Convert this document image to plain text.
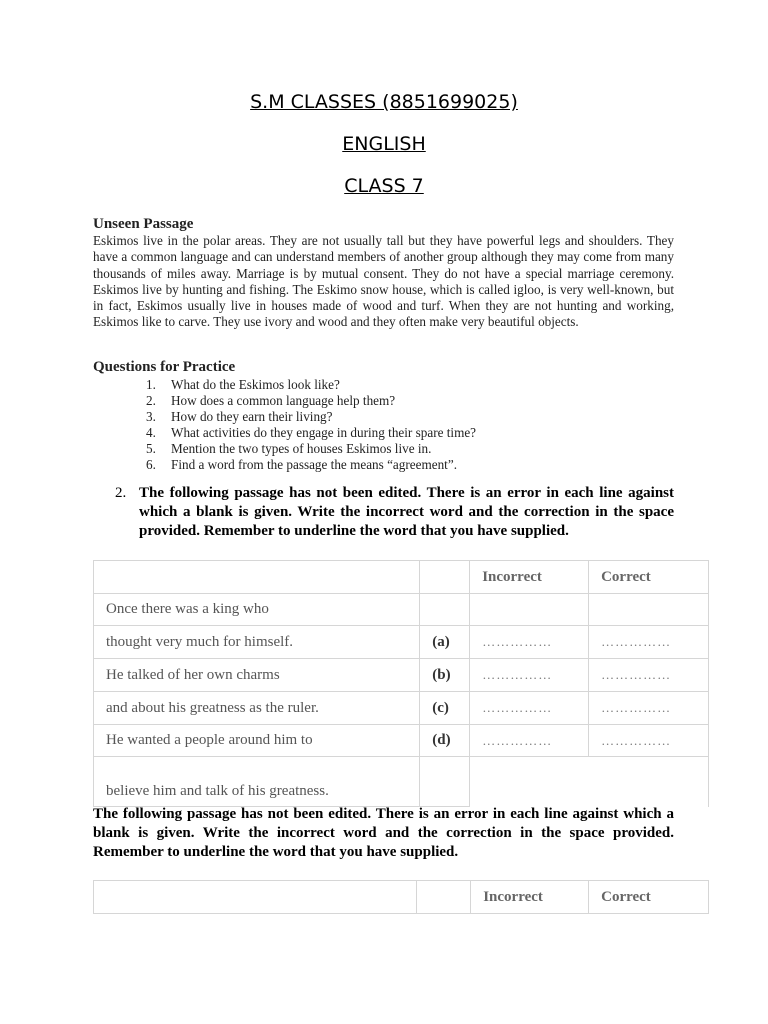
S.M CLASSES (8851699025)
ENGLISH
CLASS 7
Unseen Passage

Eskimos live in the polar areas. They are not usually tall but they have powerful legs and shoulders. They have a common language and can understand members of another group although they may come from many thousands of miles away. Marriage is by mutual consent. They do not have a special marriage ceremony. Eskimos live by hunting and fishing. The Eskimo snow house, which is called igloo, is very well-known, but in fact, Eskimos usually live in houses made of wood and turf. When they are not hunting and working, Eskimos like to carve. They use ivory and wood and they often make very beautiful objects.

Questions for Practice
1. What do the Eskimos look like?
2. How does a common language help them?
3. How do they earn their living?
4. What activities do they engage in during their spare time?
5. Mention the two types of houses Eskimos live in.
6. Find a word from the passage the means “agreement”.
2. The following passage has not been edited. There is an error in each line against which a blank is given. Write the incorrect word and the correction in the space provided. Remember to underline the word that you have supplied.

		Incorrect	Correct
Once there was a king who			
thought very much for himself.	(a)	……………	……………
He talked of her own charms	(b)	……………	……………
and about his greatness as the ruler.	(c)	……………	……………
He wanted a people around him to	(d)	……………	……………
believe him and talk of his greatness.			

The following passage has not been edited. There is an error in each line against which a blank is given. Write the incorrect word and the correction in the space provided. Remember to underline the word that you have supplied.

		Incorrect	Correct
